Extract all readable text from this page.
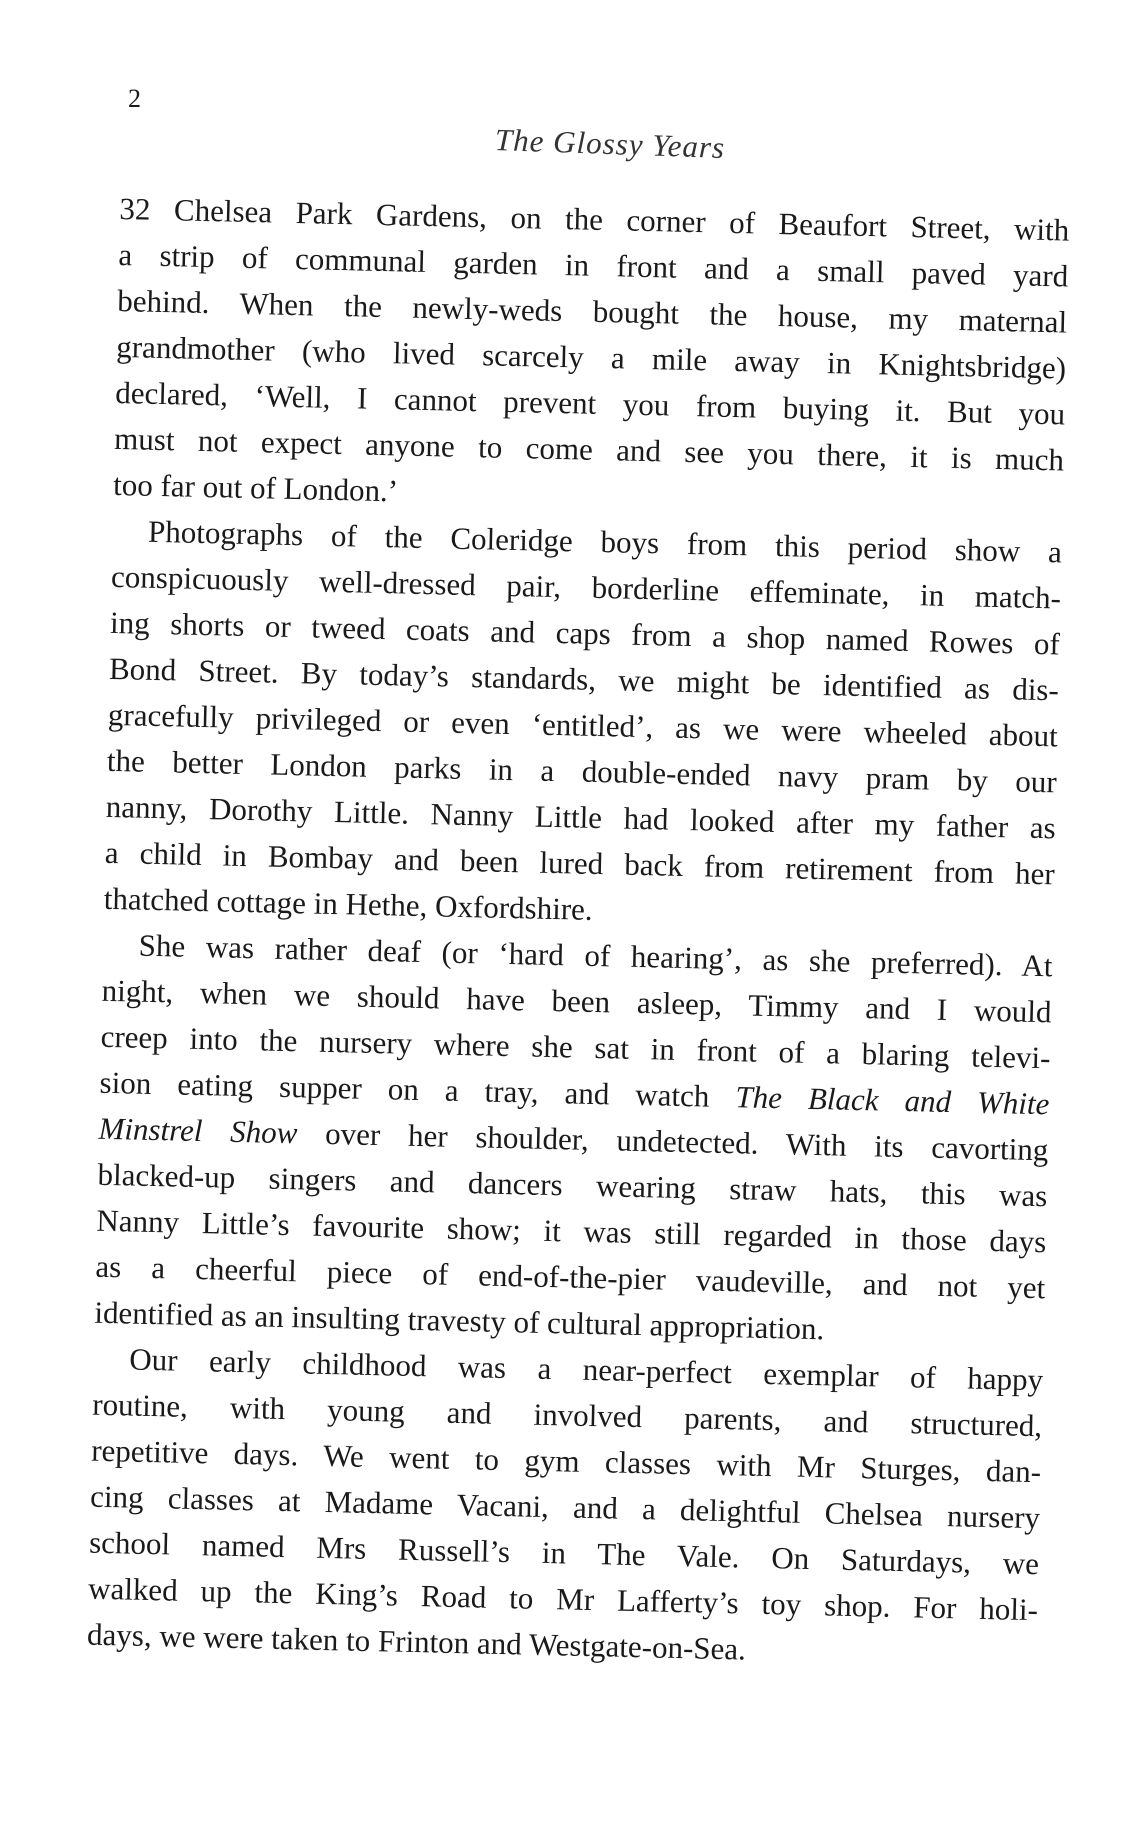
2
The Glossy Years
32 Chelsea Park Gardens, on the corner of Beaufort Street, with
a strip of communal garden in front and a small paved yard
behind. When the newly-weds bought the house, my maternal
grandmother (who lived scarcely a mile away in Knightsbridge)
declared, ‘Well, I cannot prevent you from buying it. But you
must not expect anyone to come and see you there, it is much
too far out of London.’
Photographs of the Coleridge boys from this period show a
conspicuously well-dressed pair, borderline effeminate, in match-
ing shorts or tweed coats and caps from a shop named Rowes of
Bond Street. By today’s standards, we might be identified as dis-
gracefully privileged or even ‘entitled’, as we were wheeled about
the better London parks in a double-ended navy pram by our
nanny, Dorothy Little. Nanny Little had looked after my father as
a child in Bombay and been lured back from retirement from her
thatched cottage in Hethe, Oxfordshire.
She was rather deaf (or ‘hard of hearing’, as she preferred). At
night, when we should have been asleep, Timmy and I would
creep into the nursery where she sat in front of a blaring televi-
sion eating supper on a tray, and watch The Black and White
Minstrel Show over her shoulder, undetected. With its cavorting
blacked-up singers and dancers wearing straw hats, this was
Nanny Little’s favourite show; it was still regarded in those days
as a cheerful piece of end-of-the-pier vaudeville, and not yet
identified as an insulting travesty of cultural appropriation.
Our early childhood was a near-perfect exemplar of happy
routine, with young and involved parents, and structured,
repetitive days. We went to gym classes with Mr Sturges, dan-
cing classes at Madame Vacani, and a delightful Chelsea nursery
school named Mrs Russell’s in The Vale. On Saturdays, we
walked up the King’s Road to Mr Lafferty’s toy shop. For holi-
days, we were taken to Frinton and Westgate-on-Sea.
